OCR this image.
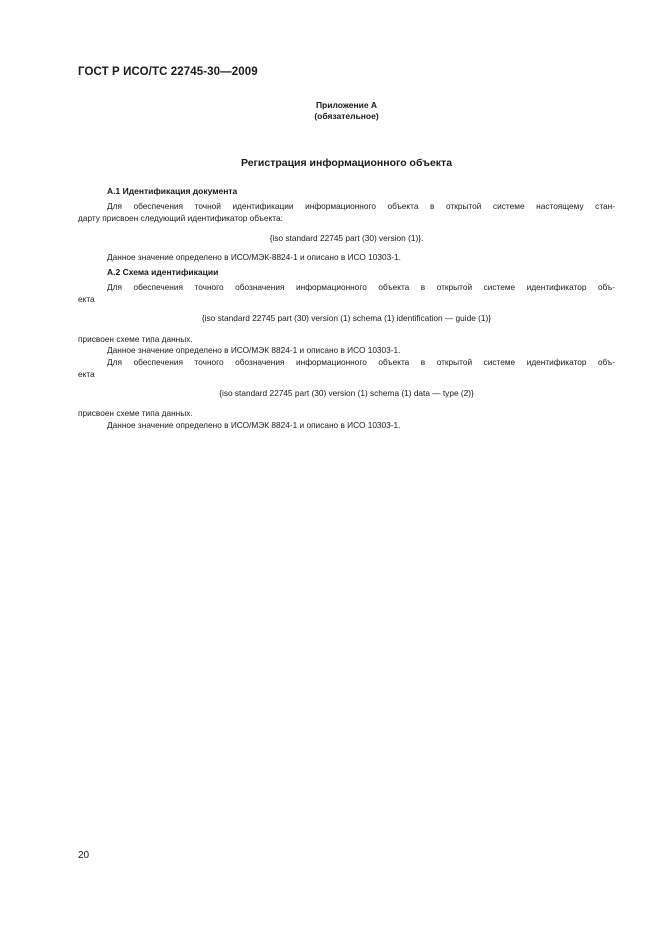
ГОСТ Р ИСО/ТС 22745-30—2009
Приложение А
(обязательное)
Регистрация информационного объекта
А.1 Идентификация документа
Для обеспечения точной идентификации информационного объекта в открытой системе настоящему стан-
дарту присвоен следующий идентификатор объекта:
{iso standard 22745 part (30) version (1)}.
Данное значение определено в ИСО/МЭК-8824-1 и описано в ИСО 10303-1.
А.2 Схема идентификации
Для обеспечения точного обозначения информационного объекта в открытой системе идентификатор объ-
екта
{iso standard 22745 part (30) version (1) schema (1) identification — guide (1)}
присвоен схеме типа данных.
Данное значение определено в ИСО/МЭК 8824-1 и описано в ИСО 10303-1.
Для обеспечения точного обозначения информационного объекта в открытой системе идентификатор объ-
екта
{iso standard 22745 part (30) version (1) schema (1) data — type (2)}
присвоен схеме типа данных.
Данное значение определено в ИСО/МЭК 8824-1 и описано в ИСО 10303-1.
20
